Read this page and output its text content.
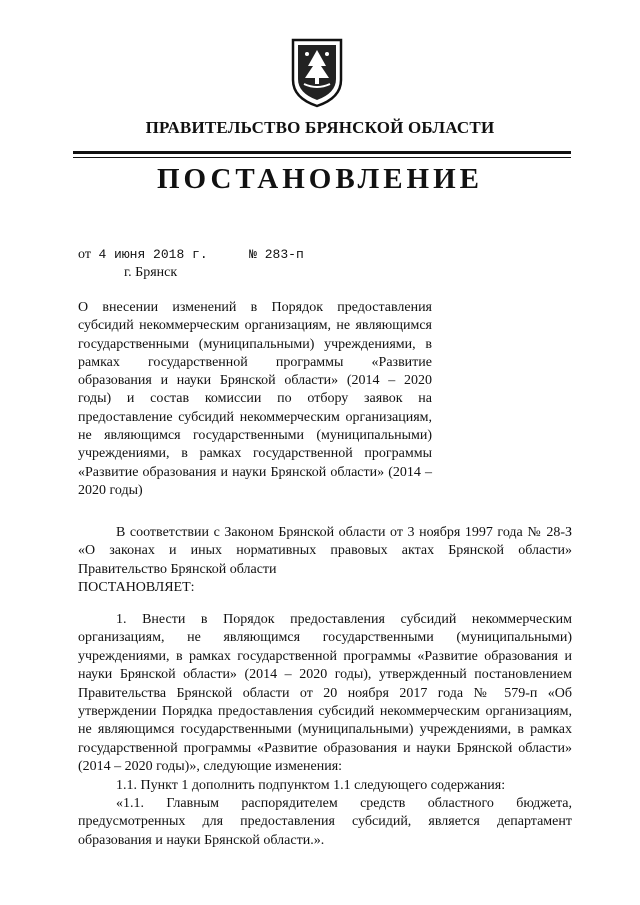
ПРАВИТЕЛЬСТВО БРЯНСКОЙ ОБЛАСТИ
ПОСТАНОВЛЕНИЕ
от 4 июня 2018 г.	№ 283-п
г. Брянск
О внесении изменений в Порядок предоставления субсидий некоммерческим организациям, не являющимся государственными (муниципальными) учреждениями, в рамках государственной программы «Развитие образования и науки Брянской области» (2014 – 2020 годы) и состав комиссии по отбору заявок на предоставление субсидий некоммерческим организациям, не являющимся государственными (муниципальными) учреждениями, в рамках государственной программы «Развитие образования и науки Брянской области» (2014 – 2020 годы)

В соответствии с Законом Брянской области от 3 ноября 1997 года № 28-З «О законах и иных нормативных правовых актах Брянской области» Правительство Брянской области

ПОСТАНОВЛЯЕТ:

1. Внести в Порядок предоставления субсидий некоммерческим организациям, не являющимся государственными (муниципальными) учреждениями, в рамках государственной программы «Развитие образования и науки Брянской области» (2014 – 2020 годы), утвержденный постановлением Правительства Брянской области от 20 ноября 2017 года № 579-п «Об утверждении Порядка предоставления субсидий некоммерческим организациям, не являющимся государственными (муниципальными) учреждениями, в рамках государственной программы «Развитие образования и науки Брянской области» (2014 – 2020 годы)», следующие изменения:

1.1. Пункт 1 дополнить подпунктом 1.1 следующего содержания:

«1.1. Главным распорядителем средств областного бюджета, предусмотренных для предоставления субсидий, является департамент образования и науки Брянской области.».
